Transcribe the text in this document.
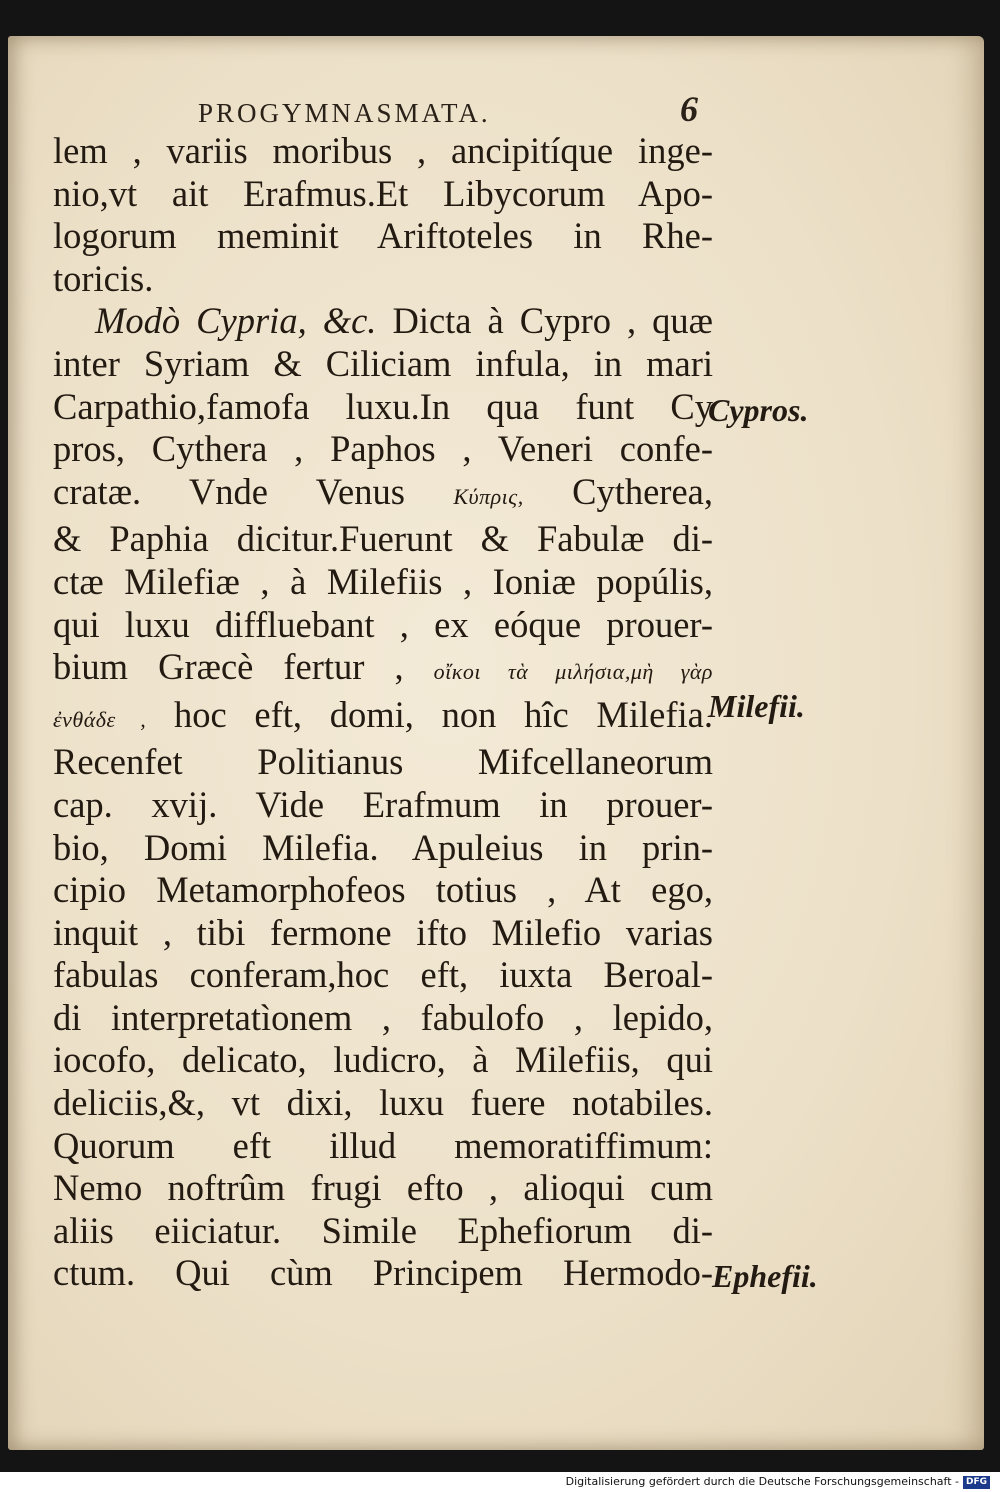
PROGYMNASMATA.	6
lem , variis moribus , ancipitíque inge-
nio,vt ait Erafmus.Et Libycorum Apo-
logorum meminit Ariftoteles in Rhe-
toricis.
Modò Cypria, &c. Dicta à Cypro , quæ
inter Syriam & Ciliciam infula, in mari
Carpathio,famofa luxu.In qua funt Cy
pros, Cythera , Paphos , Veneri confe-
cratæ. Vnde Venus Κύπρις, Cytherea,
& Paphia dicitur.Fuerunt & Fabulæ di-
ctæ Milefiæ , à Milefiis , Ioniæ popúlis,
qui luxu diffluebant , ex eóque prouer-
bium Græcè fertur , οἴκοι τὰ μιλήσια,μὴ γὰρ
ἐνθάδε , hoc eft, domi, non hîc Milefia.
Recenfet Politianus Mifcellaneorum
cap. xvij. Vide Erafmum in prouer-
bio, Domi Milefia. Apuleius in prin-
cipio Metamorphofeos totius , At ego,
inquit , tibi fermone ifto Milefio varias
fabulas conferam,hoc eft, iuxta Beroal-
di interpretatìonem , fabulofo , lepido,
iocofo, delicato, ludicro, à Milefiis, qui
deliciis,&, vt dixi, luxu fuere notabiles.
Quorum eft illud memoratiffimum:
Nemo noftrûm frugi efto , alioqui cum
aliis eiiciatur. Simile Ephefiorum di-
ctum. Qui cùm Principem Hermodo-
Cypros.
Milefii.
Ephefii.
Digitalisierung gefördert durch die Deutsche Forschungsgemeinschaft - DFG
